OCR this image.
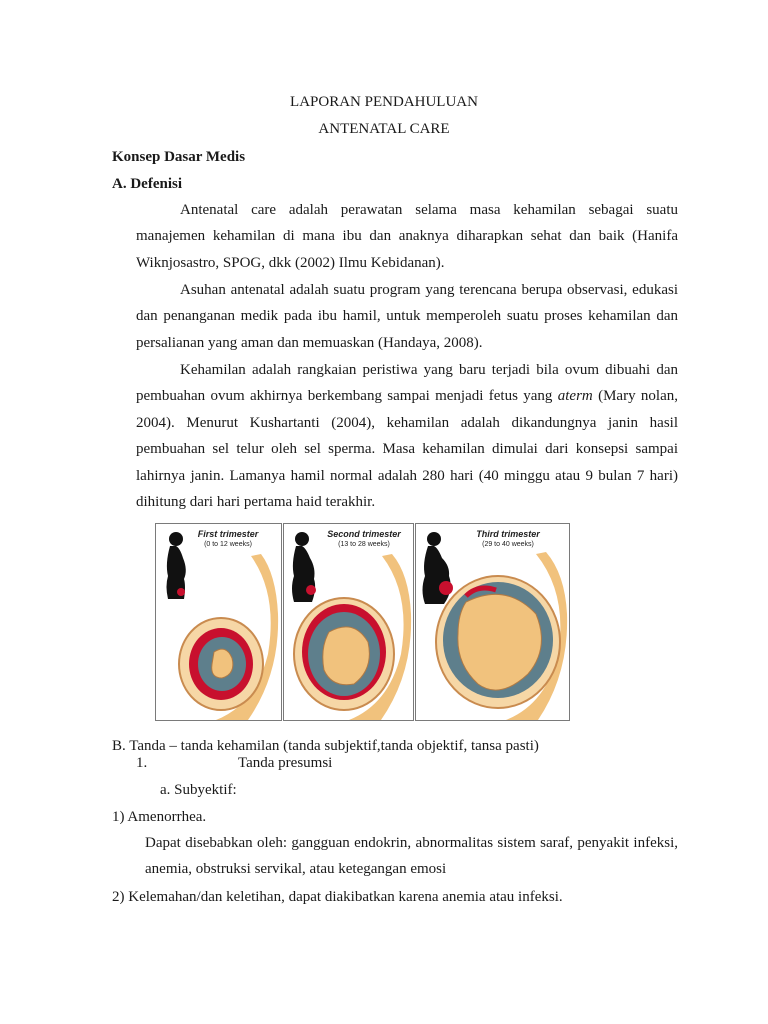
LAPORAN PENDAHULUAN
ANTENATAL CARE
Konsep Dasar Medis
A. Defenisi
Antenatal care adalah perawatan selama masa kehamilan sebagai suatu
manajemen kehamilan di mana ibu dan anaknya diharapkan sehat dan baik (Hanifa
Wiknjosastro, SPOG, dkk (2002) Ilmu Kebidanan).
Asuhan antenatal adalah suatu program yang terencana berupa observasi, edukasi
dan penanganan medik pada ibu hamil, untuk memperoleh suatu proses kehamilan dan
persalianan yang aman dan memuaskan (Handaya, 2008).
Kehamilan adalah rangkaian peristiwa yang baru terjadi bila ovum dibuahi dan
pembuahan ovum akhirnya berkembang sampai menjadi fetus yang aterm (Mary nolan,
2004). Menurut Kushartanti (2004), kehamilan adalah dikandungnya janin hasil
pembuahan sel telur oleh sel sperma. Masa kehamilan dimulai dari konsepsi sampai
lahirnya janin. Lamanya hamil normal adalah 280 hari (40 minggu atau 9 bulan 7 hari)
dihitung dari hari pertama haid terakhir.
First trimester
(0 to 12 weeks)
Second trimester
(13 to 28 weeks)
Third trimester
(29 to 40 weeks)
B. Tanda – tanda kehamilan (tanda subjektif,tanda objektif, tansa pasti)
1.	Tanda presumsi
a. Subyektif:
1) Amenorrhea.
Dapat disebabkan oleh: gangguan endokrin, abnormalitas sistem saraf, penyakit infeksi,
anemia, obstruksi servikal, atau ketegangan emosi
2) Kelemahan/dan keletihan, dapat diakibatkan karena anemia atau infeksi.
